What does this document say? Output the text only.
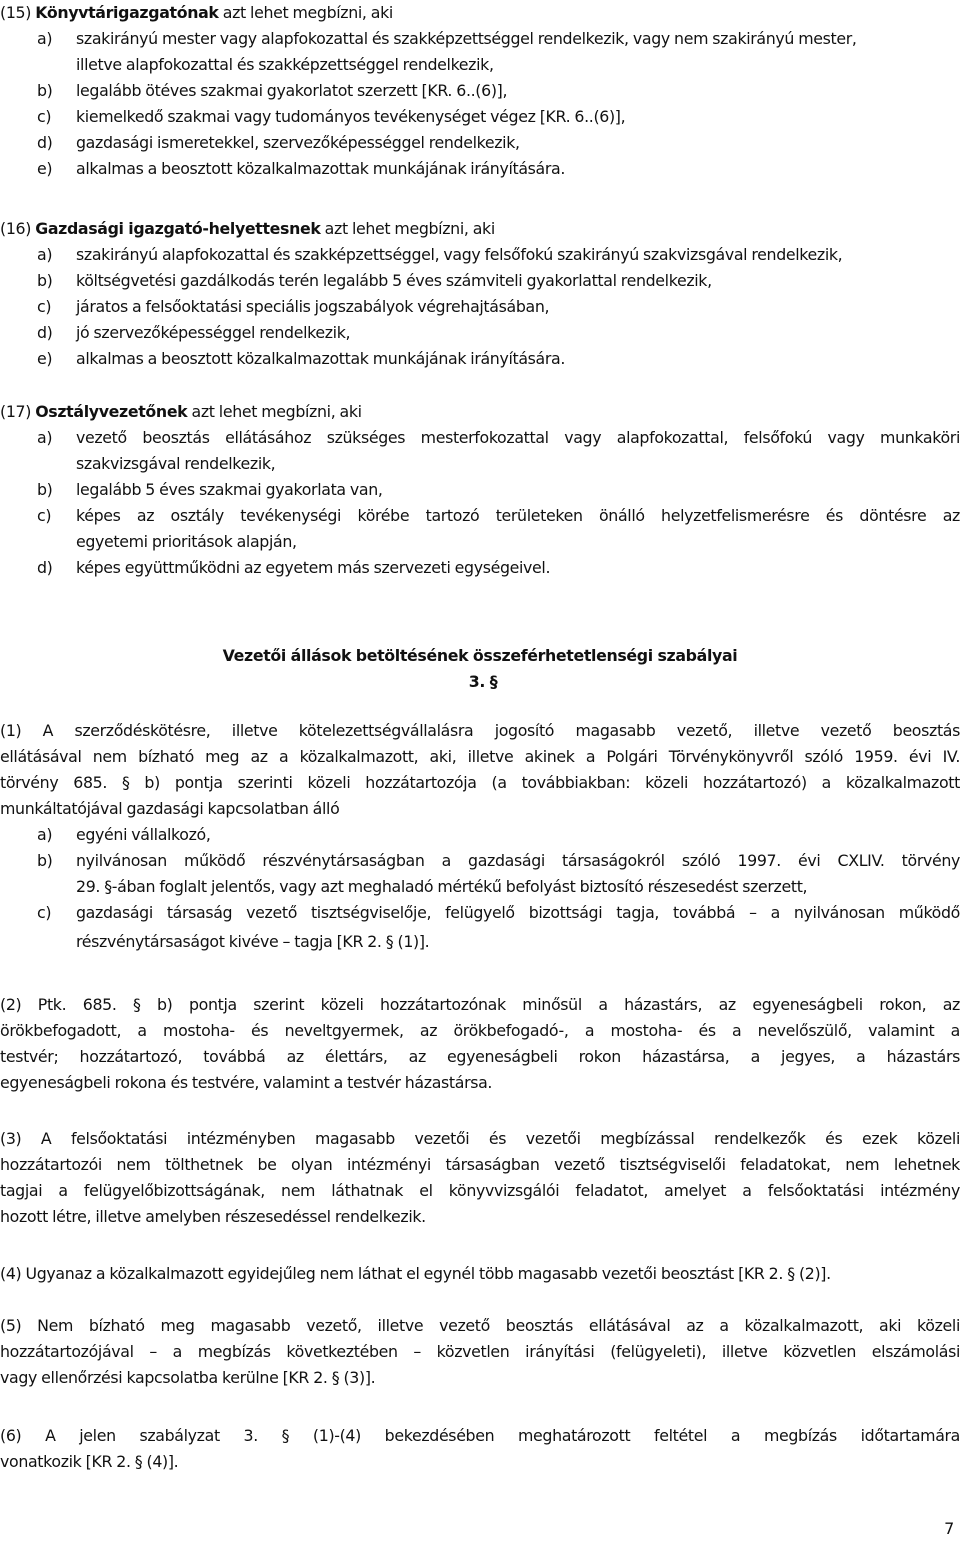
(15) Könyvtárigazgatónak azt lehet megbízni, aki
a) szakirányú mester vagy alapfokozattal és szakképzettséggel rendelkezik, vagy nem szakirányú mester,
illetve alapfokozattal és szakképzettséggel rendelkezik,
b) legalább ötéves szakmai gyakorlatot szerzett [KR. 6..(6)],
c) kiemelkedő szakmai vagy tudományos tevékenységet végez [KR. 6..(6)],
d) gazdasági ismeretekkel, szervezőképességgel rendelkezik,
e) alkalmas a beosztott közalkalmazottak munkájának irányítására.
(16) Gazdasági igazgató-helyettesnek azt lehet megbízni, aki
a) szakirányú alapfokozattal és szakképzettséggel, vagy felsőfokú szakirányú szakvizsgával rendelkezik,
b) költségvetési gazdálkodás terén legalább 5 éves számviteli gyakorlattal rendelkezik,
c) járatos a felsőoktatási speciális jogszabályok végrehajtásában,
d) jó szervezőképességgel rendelkezik,
e) alkalmas a beosztott közalkalmazottak munkájának irányítására.
(17) Osztályvezetőnek azt lehet megbízni, aki
a) vezető beosztás ellátásához szükséges mesterfokozattal vagy alapfokozattal, felsőfokú vagy munkaköri
szakvizsgával rendelkezik,
b) legalább 5 éves szakmai gyakorlata van,
c) képes az osztály tevékenységi körébe tartozó területeken önálló helyzetfelismerésre és döntésre az
egyetemi prioritások alapján,
d) képes együttműködni az egyetem más szervezeti egységeivel.
Vezetői állások betöltésének összeférhetetlenségi szabályai
3. §
(1) A szerződéskötésre, illetve kötelezettségvállalásra jogosító magasabb vezető, illetve vezető beosztás
ellátásával nem bízható meg az a közalkalmazott, aki, illetve akinek a Polgári Törvénykönyvről szóló 1959. évi IV.
törvény 685. § b) pontja szerinti közeli hozzátartozója (a továbbiakban: közeli hozzátartozó) a közalkalmazott
munkáltatójával gazdasági kapcsolatban álló
a) egyéni vállalkozó,
b) nyilvánosan működő részvénytársaságban a gazdasági társaságokról szóló 1997. évi CXLIV. törvény
29. §-ában foglalt jelentős, vagy azt meghaladó mértékű befolyást biztosító részesedést szerzett,
c) gazdasági társaság vezető tisztségviselője, felügyelő bizottsági tagja, továbbá – a nyilvánosan működő
részvénytársaságot kivéve – tagja [KR 2. § (1)].
(2) Ptk. 685. § b) pontja szerint közeli hozzátartozónak minősül a házastárs, az egyeneságbeli rokon, az
örökbefogadott, a mostoha- és neveltgyermek, az örökbefogadó-, a mostoha- és a nevelőszülő, valamint a
testvér; hozzátartozó, továbbá az élettárs, az egyeneságbeli rokon házastársa, a jegyes, a házastárs
egyeneságbeli rokona és testvére, valamint a testvér házastársa.
(3) A felsőoktatási intézményben magasabb vezetői és vezetői megbízással rendelkezők és ezek közeli
hozzátartozói nem tölthetnek be olyan intézményi társaságban vezető tisztségviselői feladatokat, nem lehetnek
tagjai a felügyelőbizottságának, nem láthatnak el könyvvizsgálói feladatot, amelyet a felsőoktatási intézmény
hozott létre, illetve amelyben részesedéssel rendelkezik.
(4) Ugyanaz a közalkalmazott egyidejűleg nem láthat el egynél több magasabb vezetői beosztást [KR 2. § (2)].
(5) Nem bízható meg magasabb vezető, illetve vezető beosztás ellátásával az a közalkalmazott, aki közeli
hozzátartozójával – a megbízás következtében – közvetlen irányítási (felügyeleti), illetve közvetlen elszámolási
vagy ellenőrzési kapcsolatba kerülne [KR 2. § (3)].
(6) A jelen szabályzat 3. § (1)-(4) bekezdésében meghatározott feltétel a megbízás időtartamára
vonatkozik [KR 2. § (4)].
7
